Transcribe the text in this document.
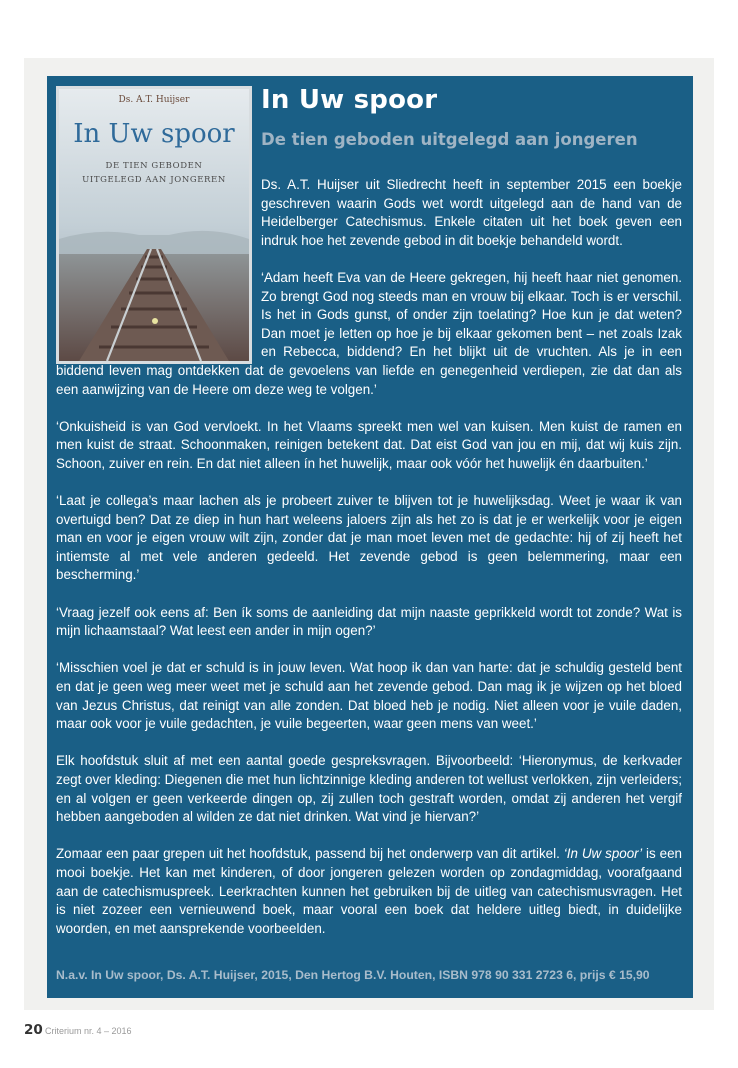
Ds. A.T. Huijser
In Uw spoor
DE TIEN GEBODEN
UITGELEGD AAN JONGEREN
In Uw spoor
De tien geboden uitgelegd aan jongeren

Ds. A.T. Huijser uit Sliedrecht heeft in september 2015 een boekje geschreven waarin Gods wet wordt uitgelegd aan de hand van de Heidelberger Catechismus. Enkele citaten uit het boek geven een indruk hoe het zevende gebod in dit boekje behandeld wordt.

‘Adam heeft Eva van de Heere gekregen, hij heeft haar niet genomen. Zo brengt God nog steeds man en vrouw bij elkaar. Toch is er verschil. Is het in Gods gunst, of onder zijn toelating? Hoe kun je dat weten? Dan moet je letten op hoe je bij elkaar gekomen bent – net zoals Izak en Rebecca, biddend? En het blijkt uit de vruchten. Als je in een biddend leven mag ontdekken dat de gevoelens van liefde en genegenheid verdiepen, zie dat dan als een aanwijzing van de Heere om deze weg te volgen.’

‘Onkuisheid is van God vervloekt. In het Vlaams spreekt men wel van kuisen. Men kuist de ramen en men kuist de straat. Schoonmaken, reinigen betekent dat. Dat eist God van jou en mij, dat wij kuis zijn. Schoon, zuiver en rein. En dat niet alleen ín het huwelijk, maar ook vóór het huwelijk én daarbuiten.’

‘Laat je collega’s maar lachen als je probeert zuiver te blijven tot je huwelijksdag. Weet je waar ik van overtuigd ben? Dat ze diep in hun hart weleens jaloers zijn als het zo is dat je er werkelijk voor je eigen man en voor je eigen vrouw wilt zijn, zonder dat je man moet leven met de gedachte: hij of zij heeft het intiemste al met vele anderen gedeeld. Het zevende gebod is geen belemmering, maar een bescherming.’

‘Vraag jezelf ook eens af: Ben ík soms de aanleiding dat mijn naaste geprikkeld wordt tot zonde? Wat is mijn lichaamstaal? Wat leest een ander in mijn ogen?’

‘Misschien voel je dat er schuld is in jouw leven. Wat hoop ik dan van harte: dat je schuldig gesteld bent en dat je geen weg meer weet met je schuld aan het zevende gebod. Dan mag ik je wijzen op het bloed van Jezus Christus, dat reinigt van alle zonden. Dat bloed heb je nodig. Niet alleen voor je vuile daden, maar ook voor je vuile gedachten, je vuile begeerten, waar geen mens van weet.’

Elk hoofdstuk sluit af met een aantal goede gespreksvragen. Bijvoorbeeld: ‘Hieronymus, de kerkvader zegt over kleding: Diegenen die met hun lichtzinnige kleding anderen tot wellust verlokken, zijn verleiders; en al volgen er geen verkeerde dingen op, zij zullen toch gestraft worden, omdat zij anderen het vergif hebben aangeboden al wilden ze dat niet drinken. Wat vind je hiervan?’

Zomaar een paar grepen uit het hoofdstuk, passend bij het onderwerp van dit artikel. ‘In Uw spoor’ is een mooi boekje. Het kan met kinderen, of door jongeren gelezen worden op zondagmiddag, voorafgaand aan de catechismuspreek. Leerkrachten kunnen het gebruiken bij de uitleg van catechismusvragen. Het is niet zozeer een vernieuwend boek, maar vooral een boek dat heldere uitleg biedt, in duidelijke woorden, en met aansprekende voorbeelden.

N.a.v. In Uw spoor, Ds. A.T. Huijser, 2015, Den Hertog B.V. Houten, ISBN 978 90 331 2723 6, prijs € 15,90
20 Criterium nr. 4 – 2016
